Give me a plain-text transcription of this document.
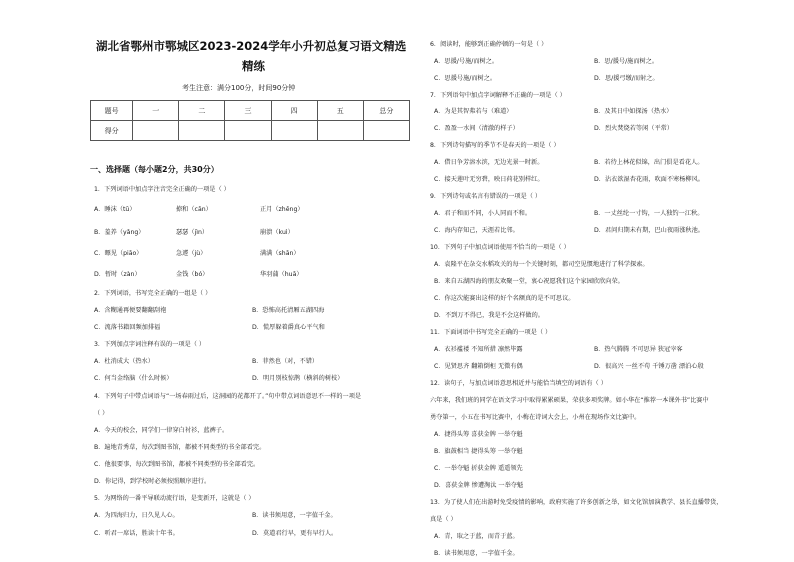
湖北省鄂州市鄂城区2023-2024学年小升初总复习语文精选
精练
考生注意：满分100分，时间90分钟
题号	一	二	三	四	五	总分
得分						
一、选择题（每小题2分，共30分）
1．下列词语中加点字注音完全正确的一项是（ ）
A．睡沫（tū）	撩和（cān）	正月（zhēng）
B．羞养（yǎng）	瑟瑟（jìn）	崩溃（kuì）
C．瞟见（piāo）	急遽（jù）	满满（shān）
D．暂时（zàn）	金钱（bó）	华羽蒲（huā）
2．下列词语，书写完全正确的一组是（ ）
A．含糊通再便要翻翻刮袍	B．恐怖高托清厢五湖四海
C．流落书籍回频加排福	D．慌厚躲着爵真心平气和
3．下列加点字词注释有误的一项是（ ）
A．杜消成大（热水）	B．菲然也（对，不错）
C．何当金络脑（什么时候）	D．明月别枝惊鹊（横斜的树枝）
4．下列句子中带点词语与“一场春雨过后，这洞园的花都开了。”句中带点词语意思不一样的一项是
（ ）
A．今天的校会，同学们一律穿白衬衫，蓝裤子。
B．遍地青秀草，每次到图书馆，都被不同类型的书全部看完。
C．他很要事，每次到图书馆，都被不同类型的书全部看完。
D．你记得，到学校时必须按照顺序进行。
5．为网络的一番平导联动流行语，是变新开，这就是（ ）
A．为四海归力，日久见人心。	B．读书须用意，一字值千金。
C．听君一席话，胜读十年书。	D．莫道君行早，更有早行人。
6．阅读时，能够到正确停顿的一句是（ ）
A．思援/号施/而树之。	B．思/援号/施而树之。
C．思援号施/而树之。	D．思/援弓缴/而射之。
7．下列语句中加点字词解释不正确的一项是（ ）
A．为是其智弗若与（难道）	B．及其日中如探汤（热水）
C．盈盈一水间（清澈的样子）	D．烈火焚烧若等闲（平常）
8．下列诗句描写的季节不是春天的一项是（ ）
A．借日争芳溶水滨，无边光景一时新。	B．若待上林花似锦，出门俱是看花人。
C．接天莲叶无穷碧，映日荷花别样红。	D．沾衣欲湿杏花雨，吹面不寒杨柳风。
9．下列诗句或名言有错误的一项是（ ）
A．君子和而不同，小人同而不和。	B．一丈丝纶一寸钩，一人独钓一江秋。
C．海内存知己，天涯若比邻。	D．君问归期未有期，巴山夜雨涨秋池。
10．下列句子中加点词语使用不恰当的一项是（ ）
A．袁隆平在杂交水稻攻关的每一个关键时刻，都司空见惯地进行了科学探索。
B．来自五湖四海的朋友欢聚一堂，衷心祝愿我们这个家园欣欣向荣。
C．你这次能赛出这样的好个名额真的是不可思议。
D．不到万不得已，我是不会这样做的。
11．下面词语中书写完全正确的一项是（ ）
A．衣衫褴褛 不知所措 凛然毕露	B．热气腾腾 不可思异 狭冠宰客
C．见贤思齐 翻箱倒柜 无微有偶	D．很高兴 一丝不苟 千锤万凿 漂泊心殷
12．读句子，与加点词语意思相近并与能恰当填空的词语有（ ）
六年来，我们班的同学在语文学习中取得累累硕果，荣获多项奖牌。如小华在“推荐一本课外书”比赛中
勇夺第一，小五在书写比赛中，小梅在诗词大会上，小州在现场作文比赛中。
A．捷得头筹 喜获金牌 一举夺魁
B．旗鼓相当 捷得头筹 一举夺魁
C．一举夺魁 折获金牌 遥遥领先
D．喜获金牌 惨遭淘汰 一举夺魁
13．为了使人们在出游时免受疫情的影响，政府实施了许多创新之举，如文化馆加演教学、县长直播带货，
真是（ ）
A．青，取之于蓝，而青于蓝。
B．读书须用意，一字值千金。
